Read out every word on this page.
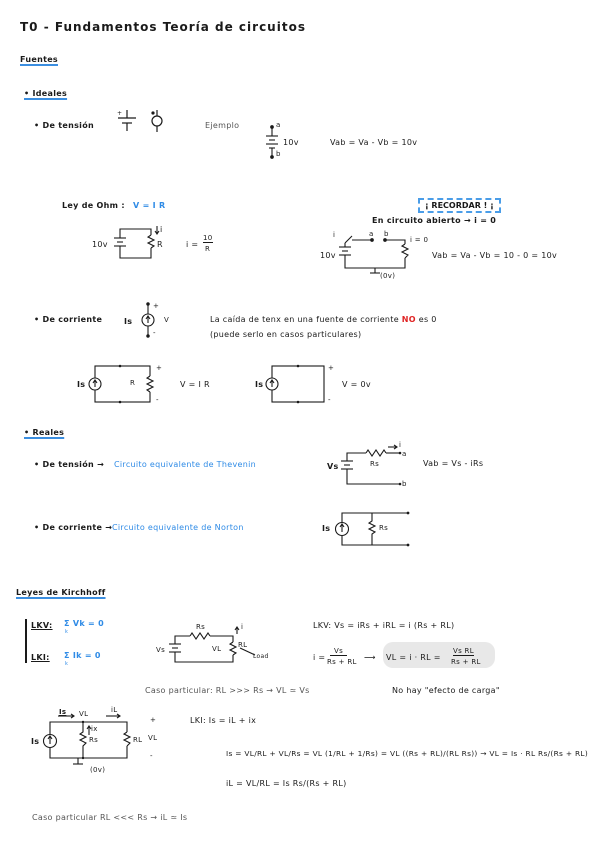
T0 - Fundamentos Teoría de circuitos
Fuentes
• Ideales
• De tensión
+
Ejemplo	a
b
10v	Vab = Va - Vb = 10v
Ley de Ohm : V = I R
10v
i
R	i =
10
R
¡ RECORDAR ! ¡
En circuito abierto → i = 0
i	a b
i = 0
10v
(0v)
Vab = Va - Vb = 10 - 0 = 10v
• De corriente	Is
+
V
-
La caída de tenx en una fuente de corriente NO es 0
(puede serlo en casos particulares)
Is	R
+
-
V = I R	Is
+
-
V = 0v
• Reales
• De tensión → Circuito equivalente de Thevenin
i
a
b
Vs	Rs	Vab = Vs - iRs
• De corriente → Circuito equivalente de Norton	Is	Rs
Leyes de Kirchhoff
LKV: Σ Vk = 0
k
LKI: Σ Ik = 0
k
Rs
Vs	VL RL
Load
i	LKV: Vs = iRs + iRL = i (Rs + RL)
i =
Vs
Rs + RL ⟶ VL = i · RL =
Vs RL
Rs + RL
Caso particular: RL >>> Rs → VL ≃ Vs	No hay "efecto de carga"
Is
Is
VL	iL
ix
Rs	RL
(0v)
+
VL
-
LKI: Is = iL + ix
Is = VL/RL + VL/Rs = VL (1/RL + 1/Rs) = VL ((Rs + RL)/(RL Rs)) → VL = Is · RL Rs/(Rs + RL)
iL = VL/RL = Is Rs/(Rs + RL)
Caso particular RL <<< Rs → iL ≃ Is
